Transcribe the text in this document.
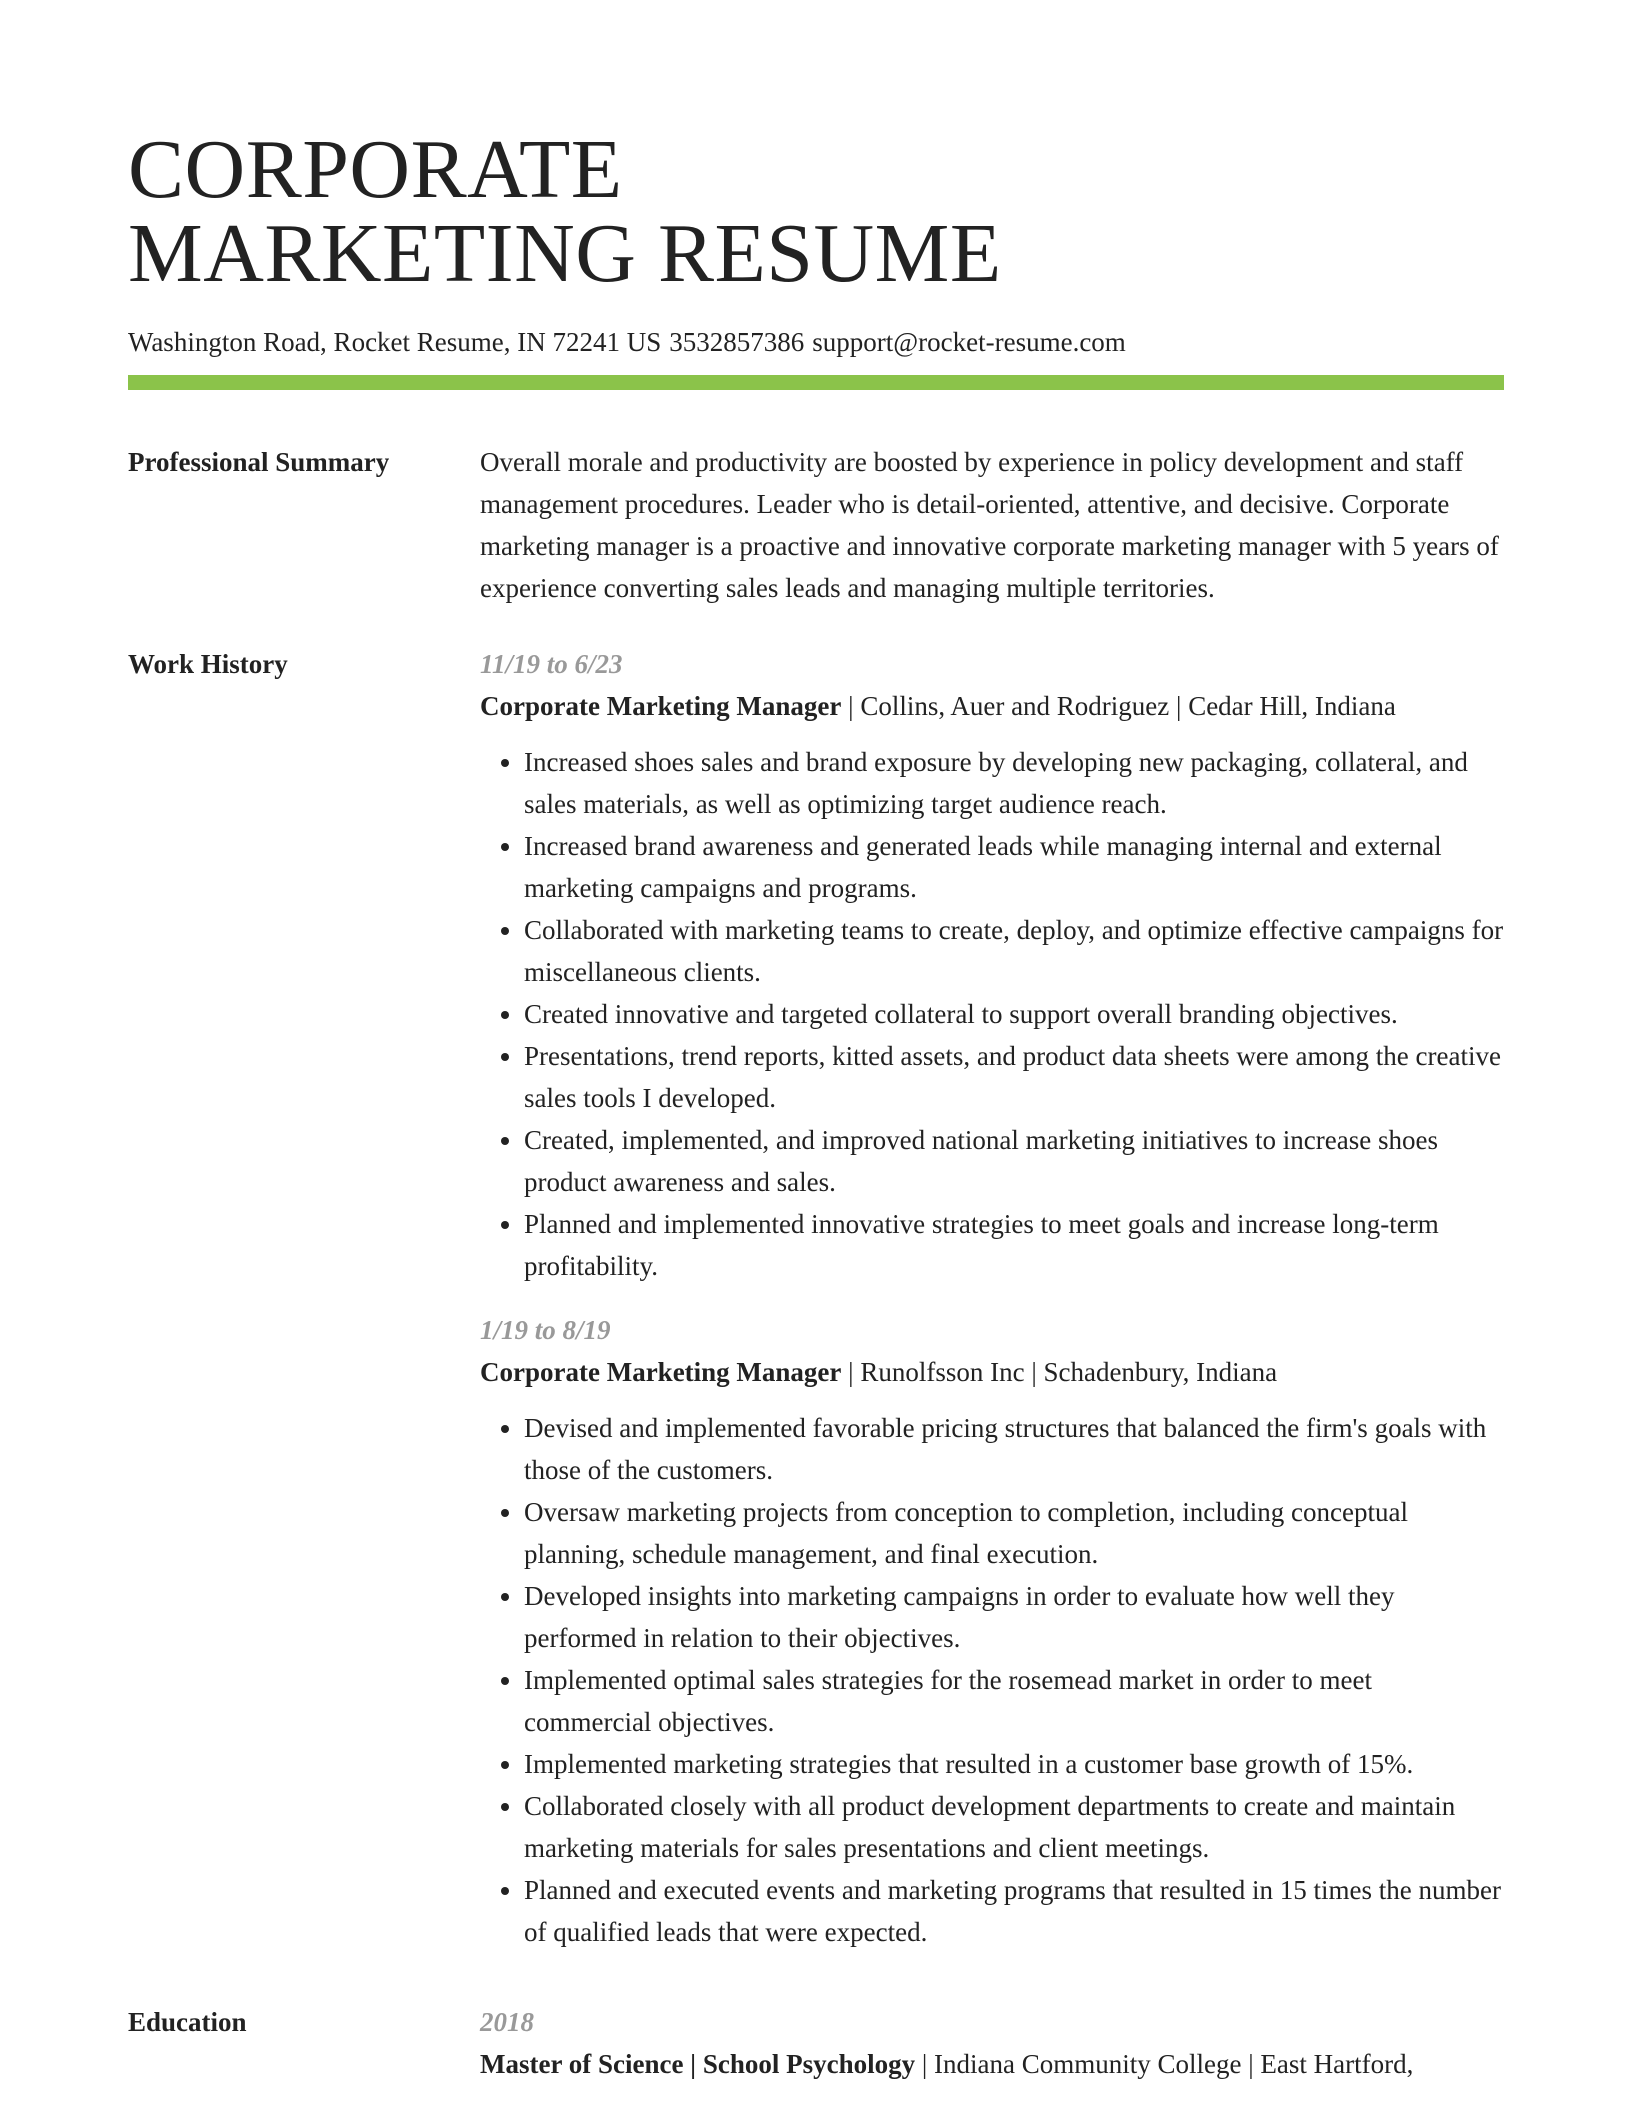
CORPORATE
MARKETING RESUME
Washington Road, Rocket Resume, IN 72241 US 3532857386 support@rocket-resume.com
Professional Summary	Overall morale and productivity are boosted by experience in policy development and staff management procedures. Leader who is detail-oriented, attentive, and decisive. Corporate marketing manager is a proactive and innovative corporate marketing manager with 5 years of experience converting sales leads and managing multiple territories.

Work History	11/19 to 6/23
Corporate Marketing Manager | Collins, Auer and Rodriguez | Cedar Hill, Indiana
• Increased shoes sales and brand exposure by developing new packaging, collateral, and sales materials, as well as optimizing target audience reach.
• Increased brand awareness and generated leads while managing internal and external marketing campaigns and programs.
• Collaborated with marketing teams to create, deploy, and optimize effective campaigns for miscellaneous clients.
• Created innovative and targeted collateral to support overall branding objectives.
• Presentations, trend reports, kitted assets, and product data sheets were among the creative sales tools I developed.
• Created, implemented, and improved national marketing initiatives to increase shoes product awareness and sales.
• Planned and implemented innovative strategies to meet goals and increase long-term profitability.
1/19 to 8/19
Corporate Marketing Manager | Runolfsson Inc | Schadenbury, Indiana
• Devised and implemented favorable pricing structures that balanced the firm's goals with those of the customers.
• Oversaw marketing projects from conception to completion, including conceptual planning, schedule management, and final execution.
• Developed insights into marketing campaigns in order to evaluate how well they performed in relation to their objectives.
• Implemented optimal sales strategies for the rosemead market in order to meet commercial objectives.
• Implemented marketing strategies that resulted in a customer base growth of 15%.
• Collaborated closely with all product development departments to create and maintain marketing materials for sales presentations and client meetings.
• Planned and executed events and marketing programs that resulted in 15 times the number of qualified leads that were expected.
Education	2018
Master of Science | School Psychology | Indiana Community College | East Hartford,
